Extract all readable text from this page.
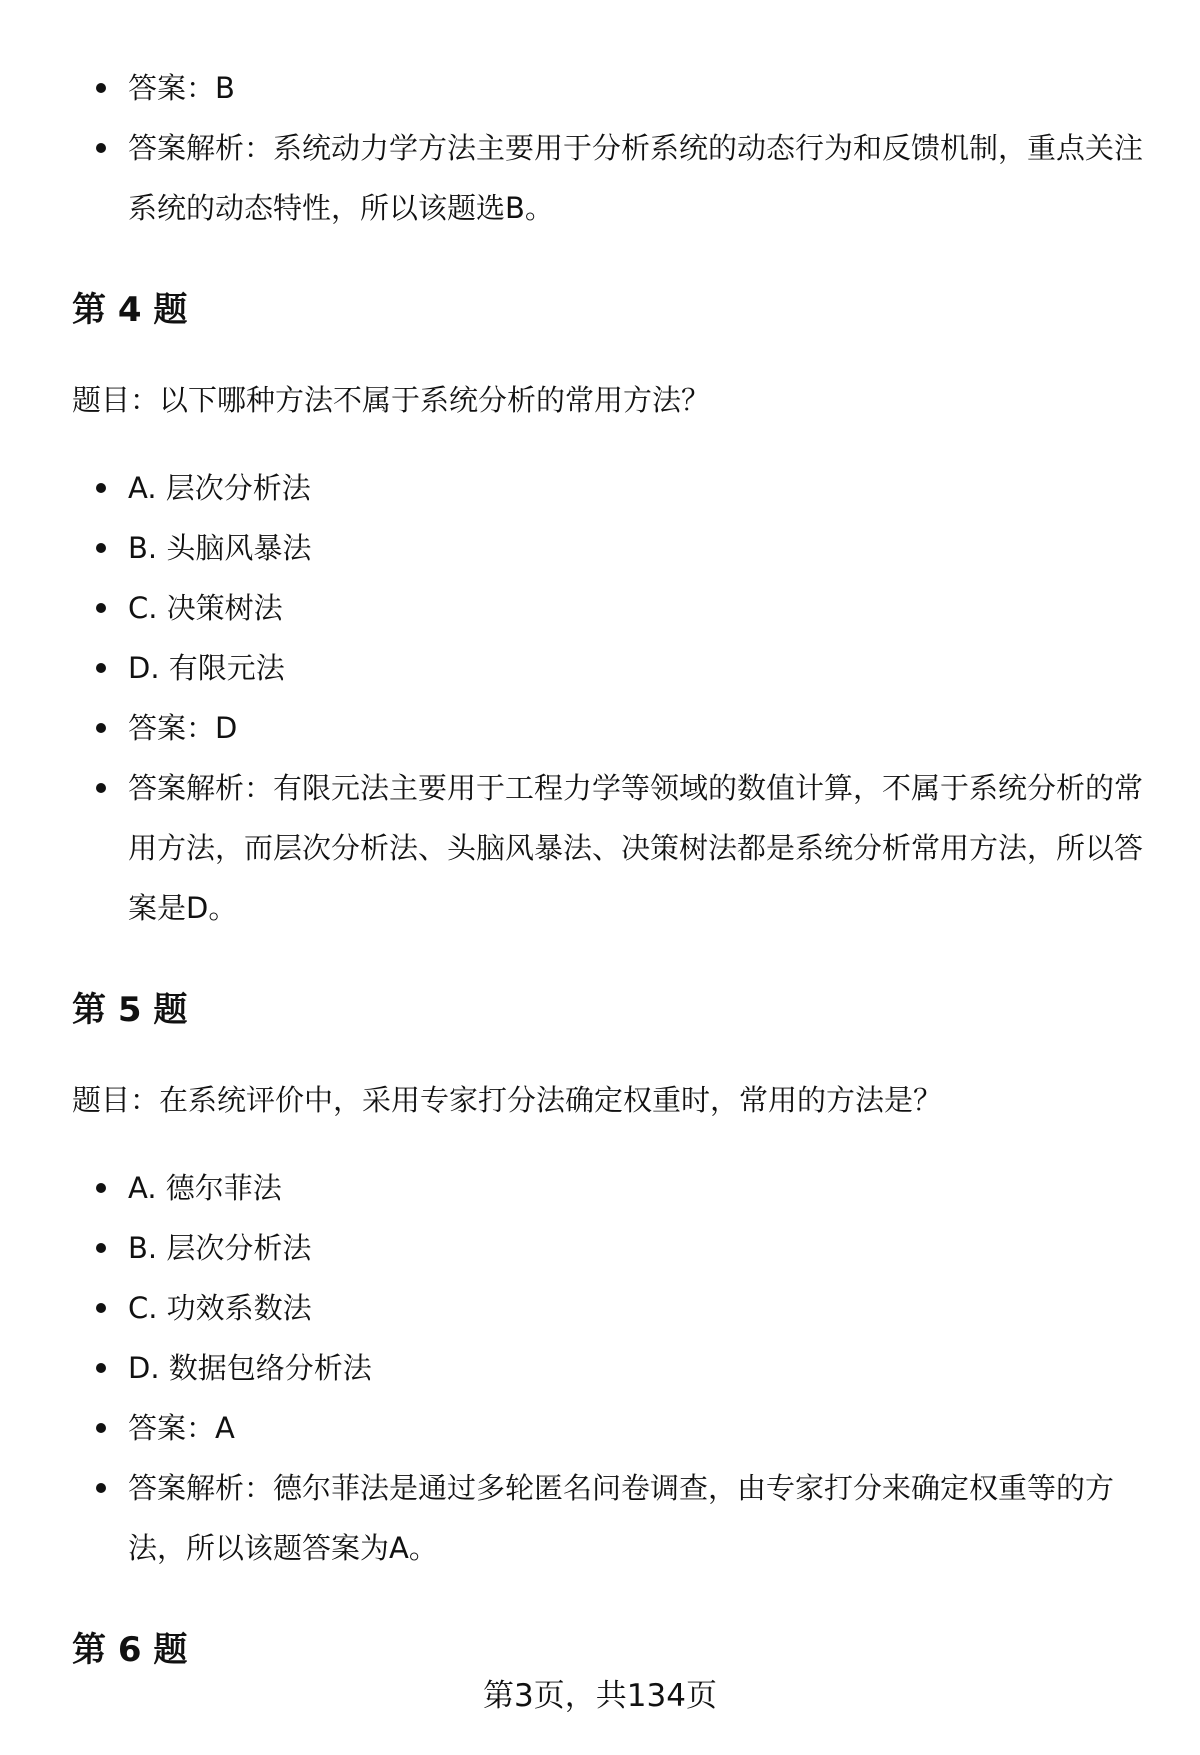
答案：B
答案解析：系统动力学方法主要用于分析系统的动态行为和反馈机制，重点关注系统的动态特性，所以该题选B。
第 4 题

题目：以下哪种方法不属于系统分析的常用方法？

A. 层次分析法
B. 头脑风暴法
C. 决策树法
D. 有限元法
答案：D
答案解析：有限元法主要用于工程力学等领域的数值计算，不属于系统分析的常用方法，而层次分析法、头脑风暴法、决策树法都是系统分析常用方法，所以答案是D。
第 5 题

题目：在系统评价中，采用专家打分法确定权重时，常用的方法是？

A. 德尔菲法
B. 层次分析法
C. 功效系数法
D. 数据包络分析法
答案：A
答案解析：德尔菲法是通过多轮匿名问卷调查，由专家打分来确定权重等的方法，所以该题答案为A。
第 6 题
第3页，共134页
